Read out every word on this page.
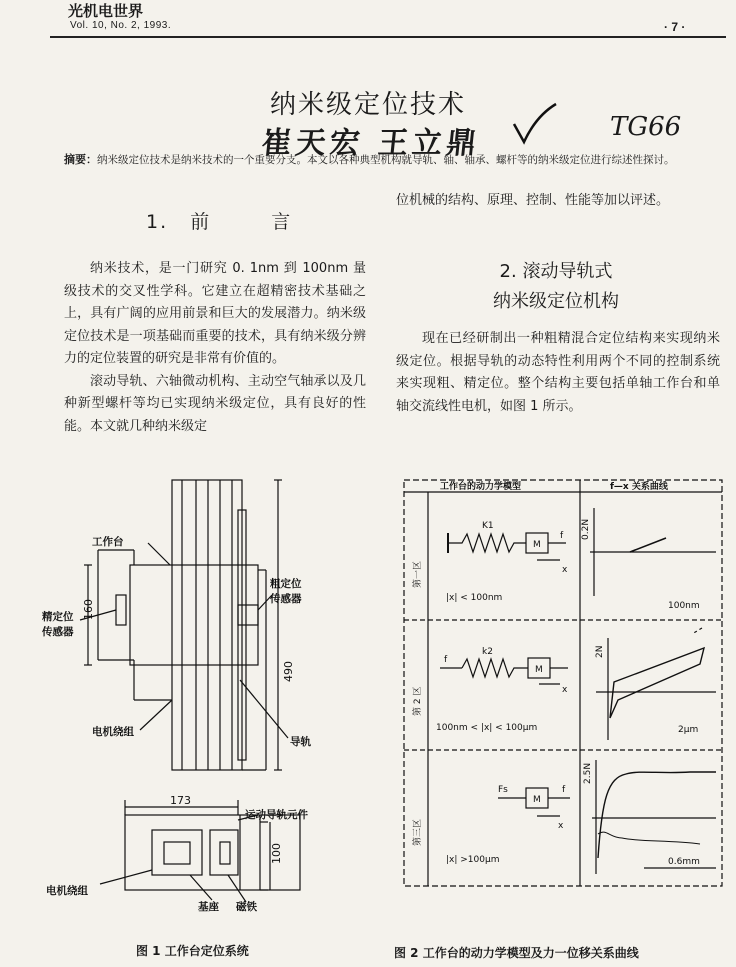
光机电世界
Vol. 10, No. 2, 1993.	· 7 ·
纳米级定位技术
崔天宏 王立鼎	TG66
摘要：纳米级定位技术是纳米技术的一个重要分支。本文以各种典型机构就导轨、轴、轴承、螺杆等的纳米级定位进行综述性探讨。
1. 前	言

纳米技术，是一门研究 0. 1nm 到 100nm 量级技术的交叉性学科。它建立在超精密技术基础之上，具有广阔的应用前景和巨大的发展潜力。纳米级定位技术是一项基础而重要的技术，具有纳米级分辨力的定位装置的研究是非常有价值的。

滚动导轨、六轴微动机构、主动空气轴承以及几种新型螺杆等均已实现纳米级定位，具有良好的性能。本文就几种纳米级定

位机械的结构、原理、控制、性能等加以评述。

2. 滚动导轨式
纳米级定位机构

现在已经研制出一种粗精混合定位结构来实现纳米级定位。根据导轨的动态特性利用两个不同的控制系统来实现粗、精定位。整个结构主要包括单轴工作台和单轴交流线性电机，如图 1 所示。

工作台
精定位
传感器
粗定位
传感器
电机绕组
导轨
运动导轨元件
电机绕组
基座 磁铁
160
490
173
100
图 1 工作台定位系统
工作台的动力学模型	f—x 关系曲线
第一区
K1
M
f
x
|x| < 100nm
0.2N
100nm
第 2 区
k2
M
f
x
100nm < |x| < 100μm
2N
2μm
第三区
M
Fs	f
x
|x| >100μm
2.5N
0.6mm
图 2 工作台的动力学模型及力一位移关系曲线
